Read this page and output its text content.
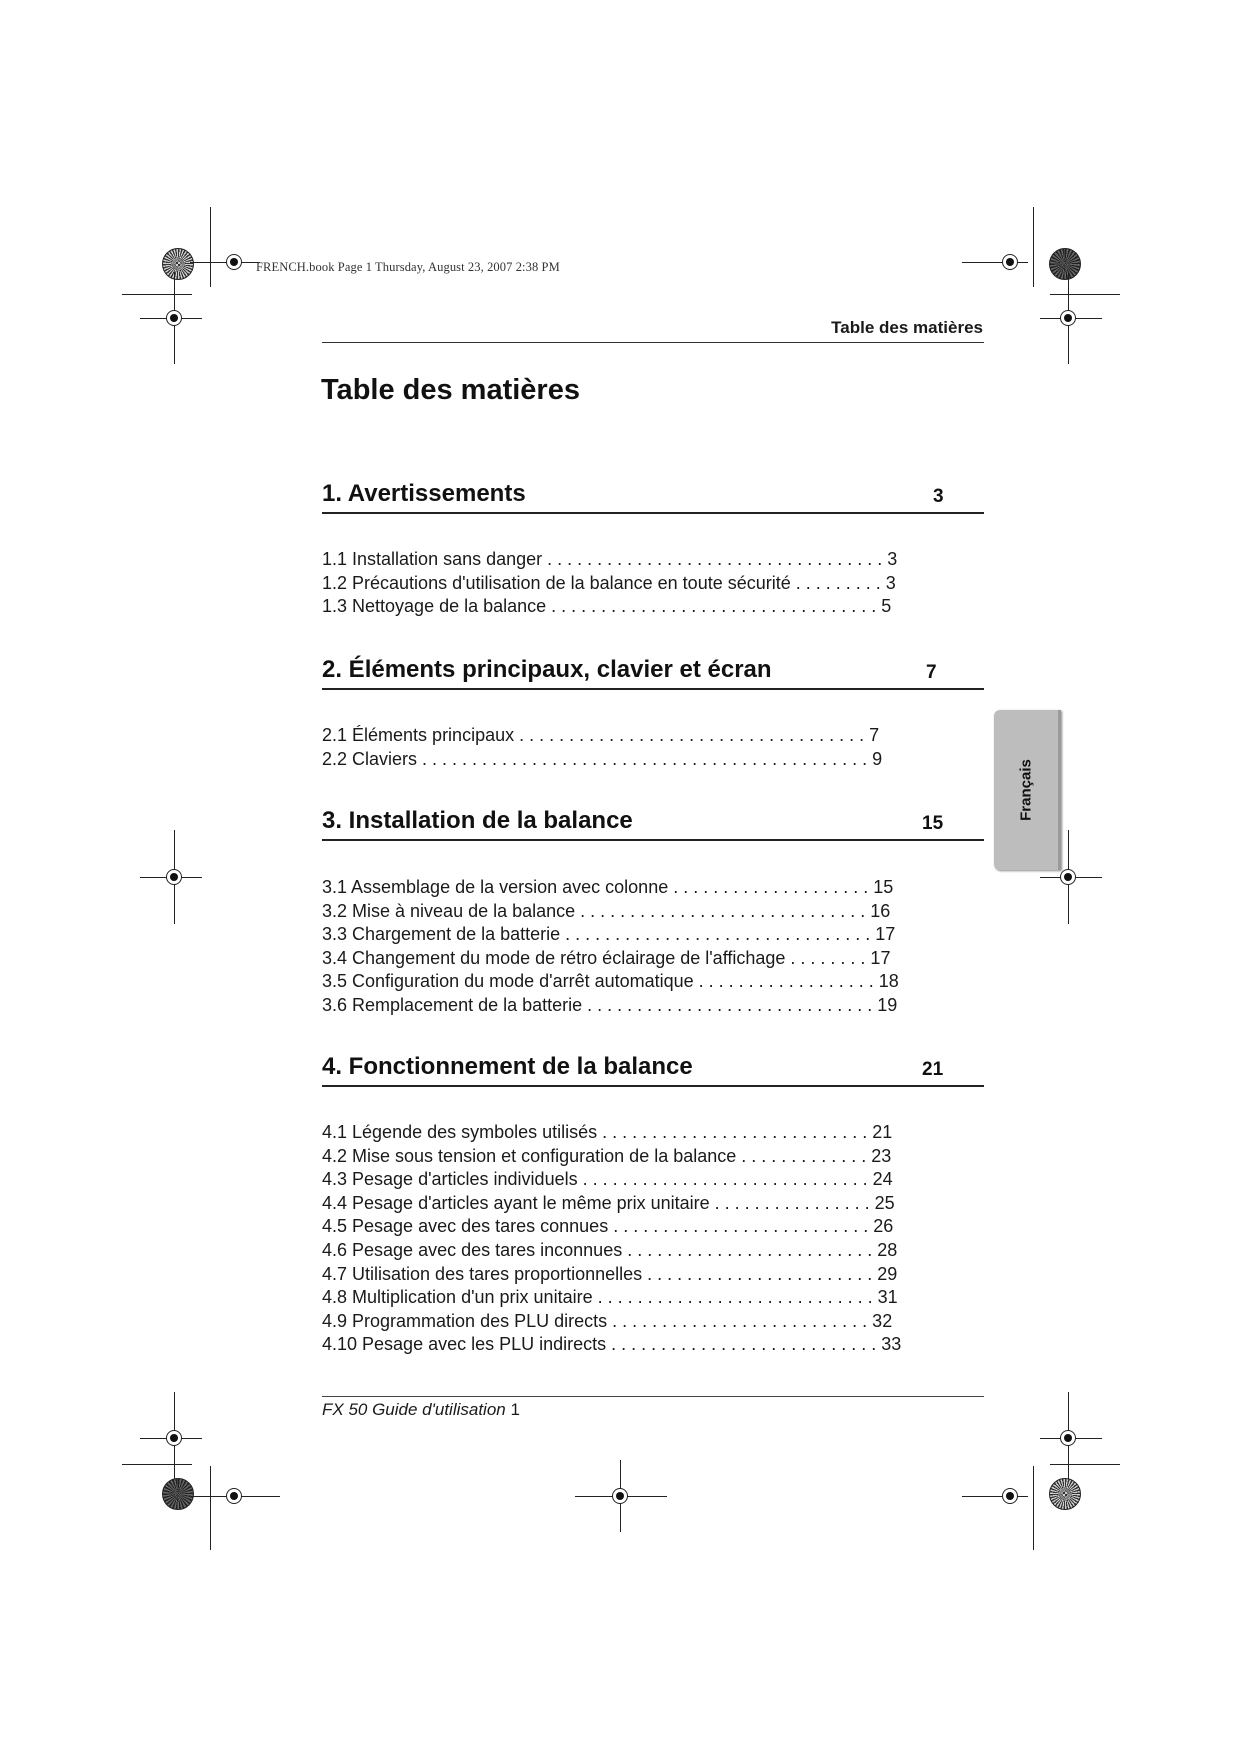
FRENCH.book Page 1 Thursday, August 23, 2007 2:38 PM
Table des matières
Table des matières
1. Avertissements	3
1.1 Installation sans danger . . . . . . . . . . . . . . . . . . . . . . . . . . . . . . . . . . 3
1.2 Précautions d'utilisation de la balance en toute sécurité . . . . . . . . . 3
1.3 Nettoyage de la balance . . . . . . . . . . . . . . . . . . . . . . . . . . . . . . . . . 5
2. Éléments principaux, clavier et écran	7
2.1 Éléments principaux . . . . . . . . . . . . . . . . . . . . . . . . . . . . . . . . . . . 7
2.2 Claviers . . . . . . . . . . . . . . . . . . . . . . . . . . . . . . . . . . . . . . . . . . . . . 9
3. Installation de la balance	15
3.1 Assemblage de la version avec colonne . . . . . . . . . . . . . . . . . . . . 15
3.2 Mise à niveau de la balance . . . . . . . . . . . . . . . . . . . . . . . . . . . . . 16
3.3 Chargement de la batterie . . . . . . . . . . . . . . . . . . . . . . . . . . . . . . . 17
3.4 Changement du mode de rétro éclairage de l'affichage . . . . . . . . 17
3.5 Configuration du mode d'arrêt automatique . . . . . . . . . . . . . . . . . . 18
3.6 Remplacement de la batterie . . . . . . . . . . . . . . . . . . . . . . . . . . . . . 19
4. Fonctionnement de la balance	21
4.1 Légende des symboles utilisés . . . . . . . . . . . . . . . . . . . . . . . . . . . 21
4.2 Mise sous tension et configuration de la balance . . . . . . . . . . . . . 23
4.3 Pesage d'articles individuels . . . . . . . . . . . . . . . . . . . . . . . . . . . . . 24
4.4 Pesage d'articles ayant le même prix unitaire . . . . . . . . . . . . . . . . 25
4.5 Pesage avec des tares connues . . . . . . . . . . . . . . . . . . . . . . . . . . 26
4.6 Pesage avec des tares inconnues . . . . . . . . . . . . . . . . . . . . . . . . . 28
4.7 Utilisation des tares proportionnelles . . . . . . . . . . . . . . . . . . . . . . . 29
4.8 Multiplication d'un prix unitaire . . . . . . . . . . . . . . . . . . . . . . . . . . . . 31
4.9 Programmation des PLU directs . . . . . . . . . . . . . . . . . . . . . . . . . . 32
4.10 Pesage avec les PLU indirects . . . . . . . . . . . . . . . . . . . . . . . . . . . 33
Français
FX 50 Guide d'utilisation 1
